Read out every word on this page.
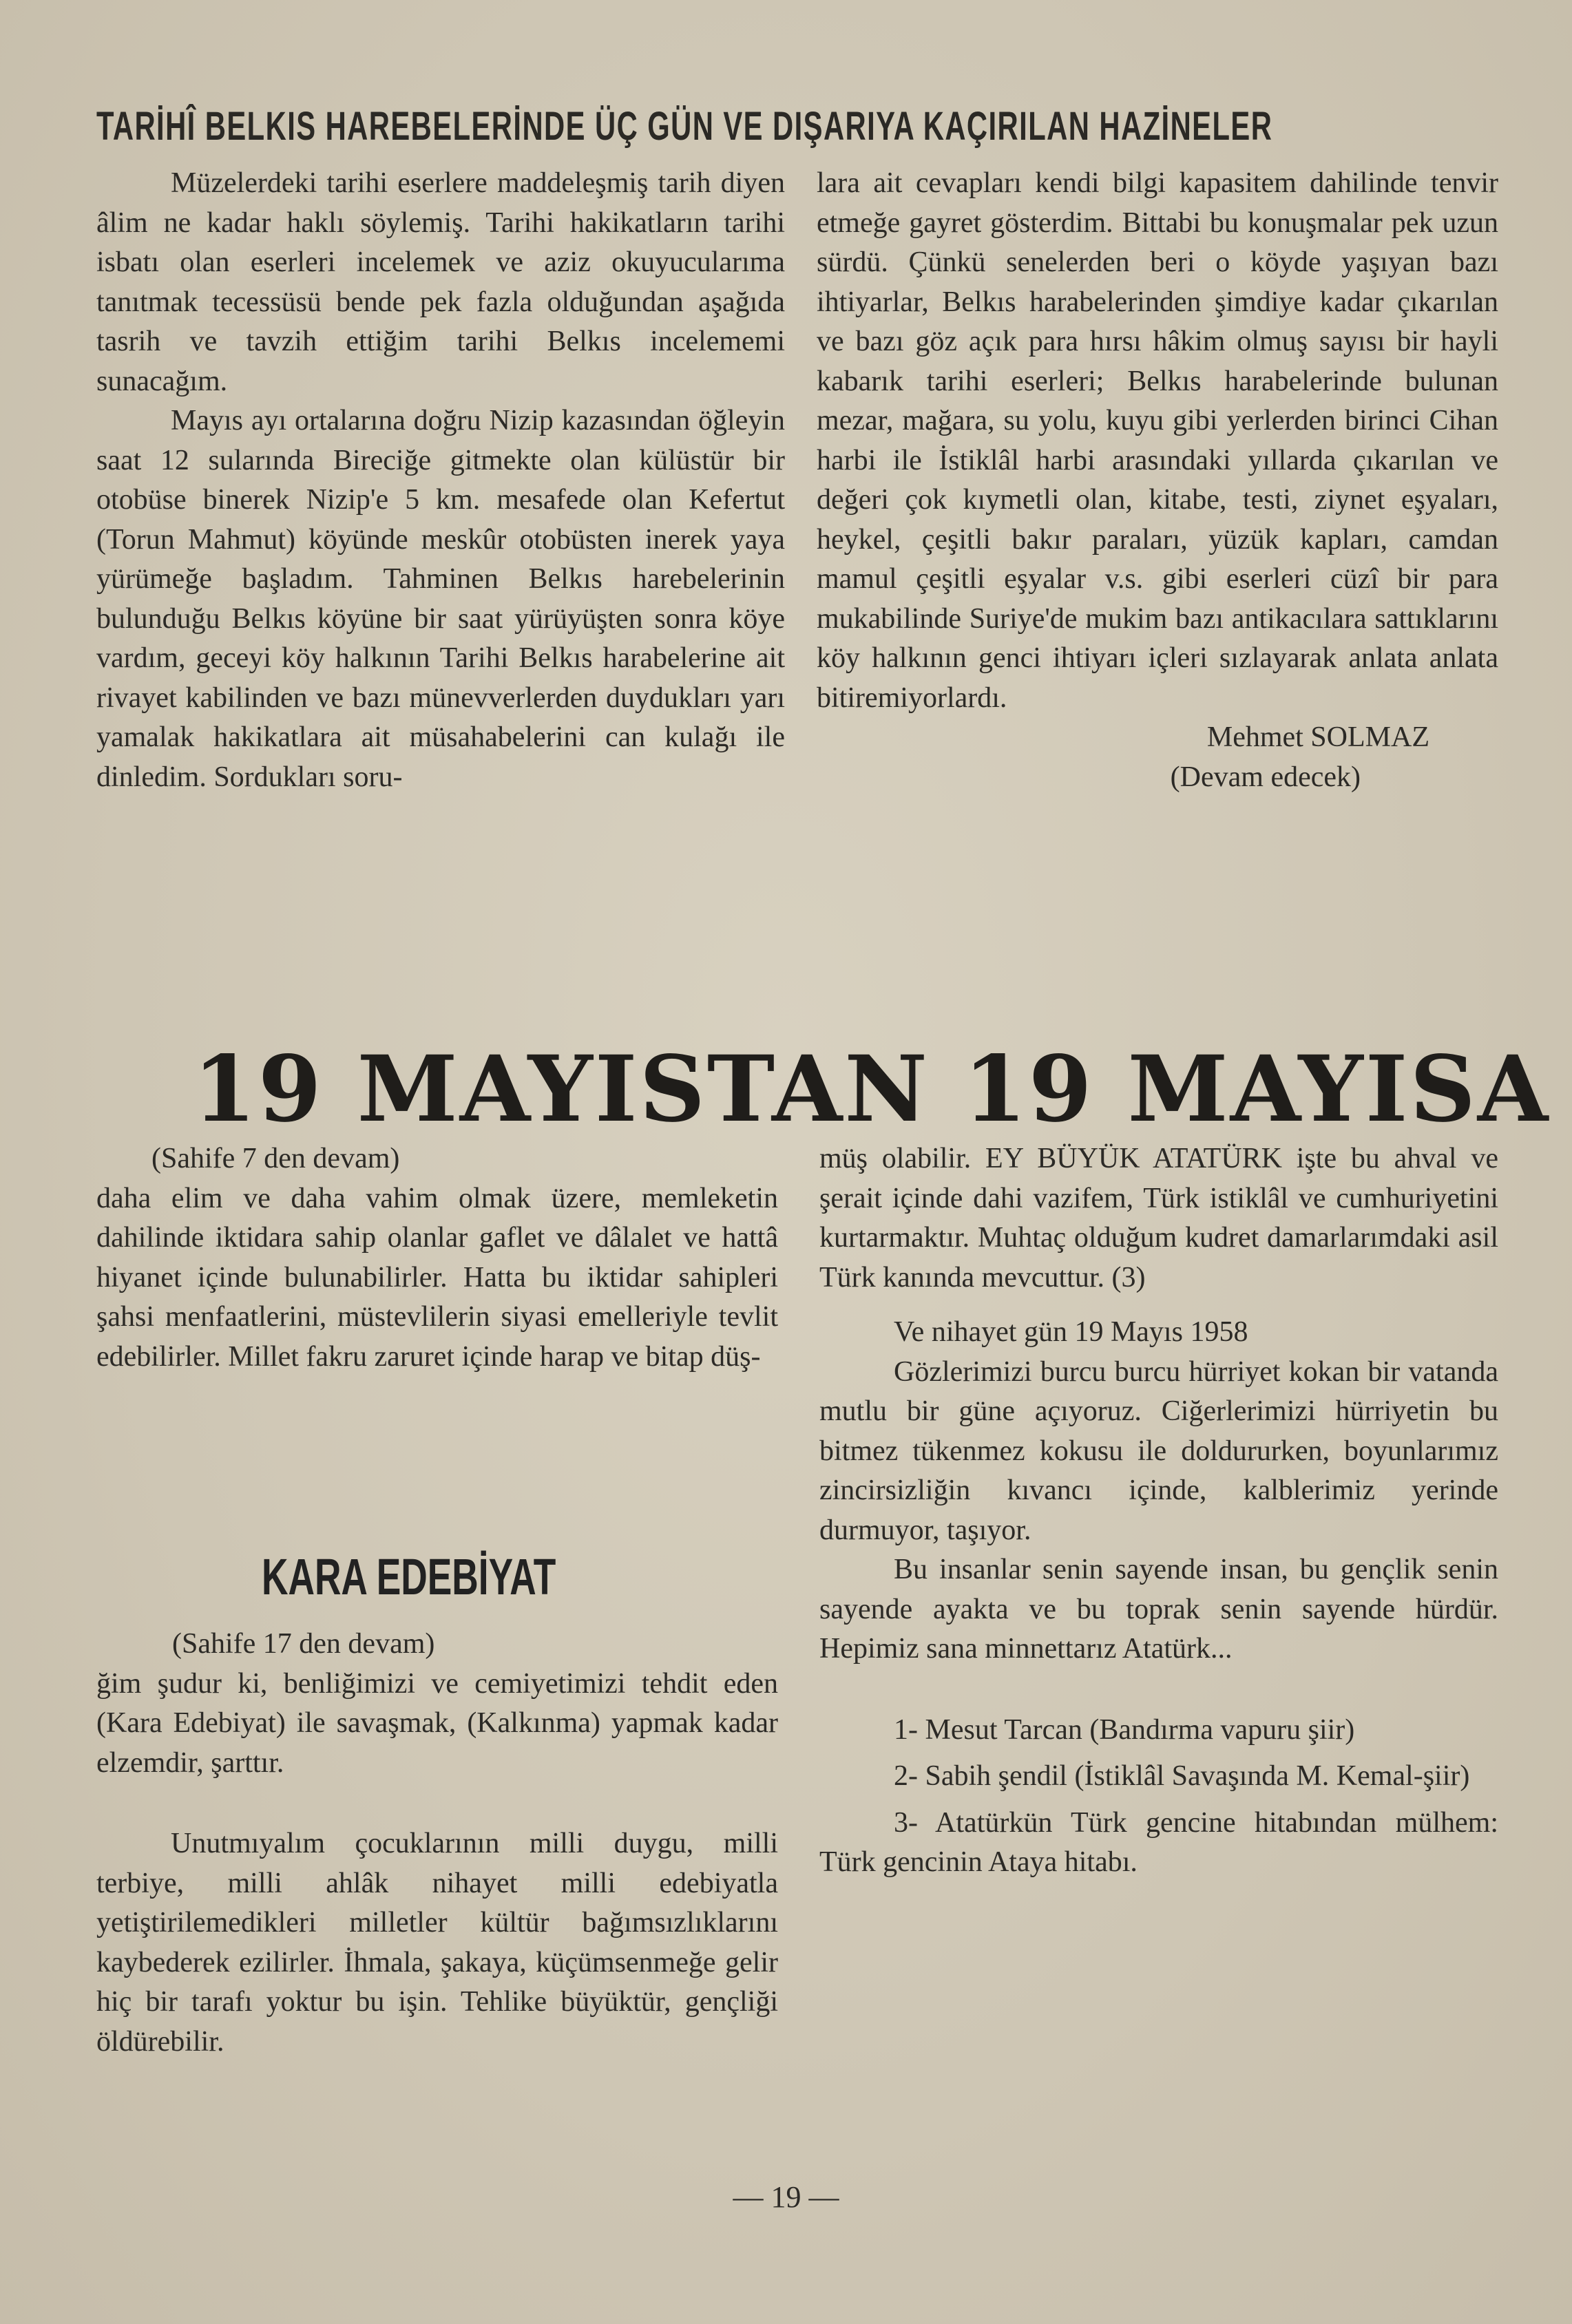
TARİHÎ BELKIS HAREBELERİNDE ÜÇ GÜN VE DIŞARIYA KAÇIRILAN HAZİNELER

Müzelerdeki tarihi eserlere maddeleşmiş tarih diyen âlim ne kadar haklı söylemiş. Tarihi hakikatların tarihi isbatı olan eserleri incelemek ve aziz okuyucularıma tanıtmak tecessüsü bende pek fazla olduğundan aşağıda tasrih ve tavzih ettiğim tarihi Belkıs incelememi sunacağım.

Mayıs ayı ortalarına doğru Nizip kazasından öğleyin saat 12 sularında Bireciğe gitmekte olan külüstür bir otobüse binerek Nizip'e 5 km. mesafede olan Kefertut (Torun Mahmut) köyünde meskûr otobüsten inerek yaya yürümeğe başladım. Tahminen Belkıs harebelerinin bulunduğu Belkıs köyüne bir saat yürüyüşten sonra köye vardım, geceyi köy halkının Tarihi Belkıs harabelerine ait rivayet kabilinden ve bazı münevverlerden duydukları yarı yamalak hakikatlara ait müsahabelerini can kulağı ile dinledim. Sordukları soru-

lara ait cevapları kendi bilgi kapasitem dahilinde tenvir etmeğe gayret gösterdim. Bittabi bu konuşmalar pek uzun sürdü. Çünkü senelerden beri o köyde yaşıyan bazı ihtiyarlar, Belkıs harabelerinden şimdiye kadar çıkarılan ve bazı göz açık para hırsı hâkim olmuş sayısı bir hayli kabarık tarihi eserleri; Belkıs harabelerinde bulunan mezar, mağara, su yolu, kuyu gibi yerlerden birinci Cihan harbi ile İstiklâl harbi arasındaki yıllarda çıkarılan ve değeri çok kıymetli olan, kitabe, testi, ziynet eşyaları, heykel, çeşitli bakır paraları, yüzük kapları, camdan mamul çeşitli eşyalar v.s. gibi eserleri cüzî bir para mukabilinde Suriye'de mukim bazı antikacılara sattıklarını köy halkının genci ihtiyarı içleri sızlayarak anlata anlata bitiremiyorlardı.

Mehmet SOLMAZ

(Devam edecek)

19 MAYISTAN 19 MAYISA

(Sahife 7 den devam)

daha elim ve daha vahim olmak üzere, memleketin dahilinde iktidara sahip olanlar gaflet ve dâlalet ve hattâ hiyanet içinde bulunabilirler. Hatta bu iktidar sahipleri şahsi menfaatlerini, müstevlilerin siyasi emelleriyle tevlit edebilirler. Millet fakru zaruret içinde harap ve bitap düş-

KARA EDEBİYAT

(Sahife 17 den devam)

ğim şudur ki, benliğimizi ve cemiyetimizi tehdit eden (Kara Edebiyat) ile savaşmak, (Kalkınma) yapmak kadar elzemdir, şarttır.

Unutmıyalım çocuklarının milli duygu, milli terbiye, milli ahlâk nihayet milli edebiyatla yetiştirilemedikleri milletler kültür bağımsızlıklarını kaybederek ezilirler. İhmala, şakaya, küçümsenmeğe gelir hiç bir tarafı yoktur bu işin. Tehlike büyüktür, gençliği öldürebilir.

müş olabilir. EY BÜYÜK ATATÜRK işte bu ahval ve şerait içinde dahi vazifem, Türk istiklâl ve cumhuriyetini kurtarmaktır. Muhtaç olduğum kudret damarlarımdaki asil Türk kanında mevcuttur. (3)

Ve nihayet gün 19 Mayıs 1958

Gözlerimizi burcu burcu hürriyet kokan bir vatanda mutlu bir güne açıyoruz. Ciğerlerimizi hürriyetin bu bitmez tükenmez kokusu ile doldururken, boyunlarımız zincirsizliğin kıvancı içinde, kalblerimiz yerinde durmuyor, taşıyor.

Bu insanlar senin sayende insan, bu gençlik senin sayende ayakta ve bu toprak senin sayende hürdür. Hepimiz sana minnettarız Atatürk...

1- Mesut Tarcan (Bandırma vapuru şiir)

2- Sabih şendil (İstiklâl Savaşında M. Kemal-şiir)

3- Atatürkün Türk gencine hitabından mülhem: Türk gencinin Ataya hitabı.

— 19 —
